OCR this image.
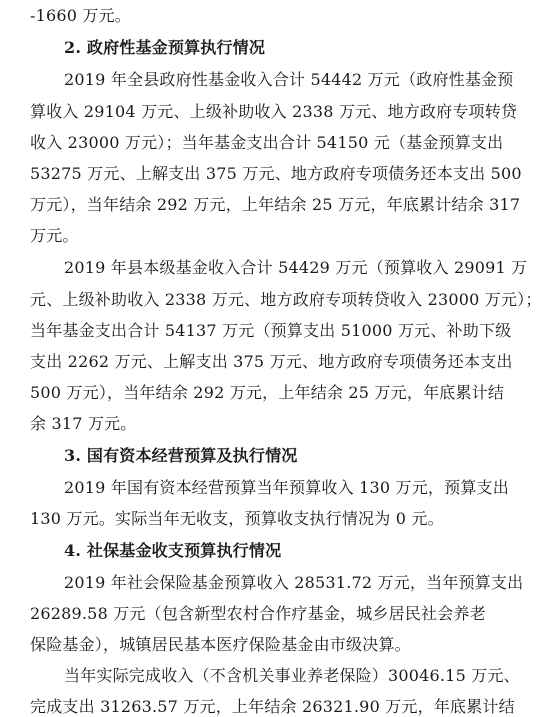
-1660 万元。
2. 政府性基金预算执行情况
2019 年全县政府性基金收入合计 54442 万元（政府性基金预
算收入 29104 万元、上级补助收入 2338 万元、地方政府专项转贷
收入 23000 万元）；当年基金支出合计 54150 元（基金预算支出
53275 万元、上解支出 375 万元、地方政府专项债务还本支出 500
万元），当年结余 292 万元，上年结余 25 万元，年底累计结余 317
万元。
2019 年县本级基金收入合计 54429 万元（预算收入 29091 万
元、上级补助收入 2338 万元、地方政府专项转贷收入 23000 万元）；
当年基金支出合计 54137 万元（预算支出 51000 万元、补助下级
支出 2262 万元、上解支出 375 万元、地方政府专项债务还本支出
500 万元），当年结余 292 万元，上年结余 25 万元，年底累计结
余 317 万元。
3. 国有资本经营预算及执行情况
2019 年国有资本经营预算当年预算收入 130 万元，预算支出
130 万元。实际当年无收支，预算收支执行情况为 0 元。
4. 社保基金收支预算执行情况
2019 年社会保险基金预算收入 28531.72 万元，当年预算支出
26289.58 万元（包含新型农村合作疗基金，城乡居民社会养老
保险基金），城镇居民基本医疗保险基金由市级决算。
当年实际完成收入（不含机关事业养老保险）30046.15 万元、
完成支出 31263.57 万元，上年结余 26321.90 万元，年底累计结
